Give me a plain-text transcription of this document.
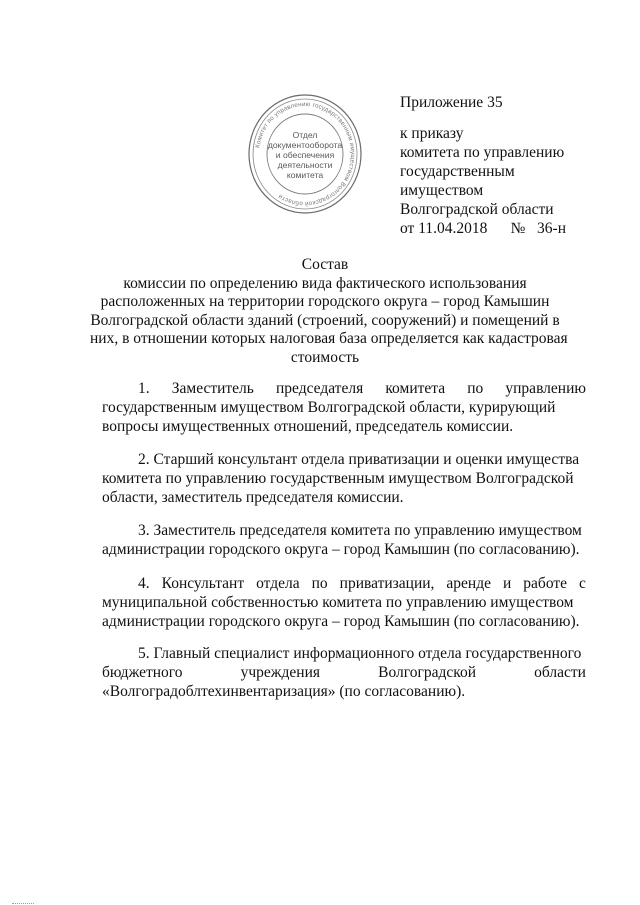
Комитет по управлению государственным имуществом Волгоградской области
Отдел
документооборота
и обеспечения
деятельности
комитета
Приложение 35
к приказу
комитета по управлению
государственным
имуществом
Волгоградской области
от 11.04.2018      №   36-н
Состав
комиссии по определению вида фактического использования
расположенных на территории городского округа – город Камышин
Волгоградской области зданий (строений, сооружений) и помещений в
них, в отношении которых налоговая база определяется как кадастровая
стоимость
1. Заместитель председателя комитета по управлению
государственным имуществом Волгоградской области, курирующий
вопросы имущественных отношений, председатель комиссии.
2. Старший консультант отдела приватизации и оценки имущества
комитета по управлению государственным имуществом Волгоградской
области, заместитель председателя комиссии.
3. Заместитель председателя комитета по управлению имуществом
администрации городского округа – город Камышин (по согласованию).
4. Консультант отдела по приватизации, аренде и работе с
муниципальной собственностью комитета по управлению имуществом
администрации городского округа – город Камышин (по согласованию).
5. Главный специалист информационного отдела государственного
бюджетного	учреждения	Волгоградской	области
«Волгоградоблтехинвентаризация» (по согласованию).
